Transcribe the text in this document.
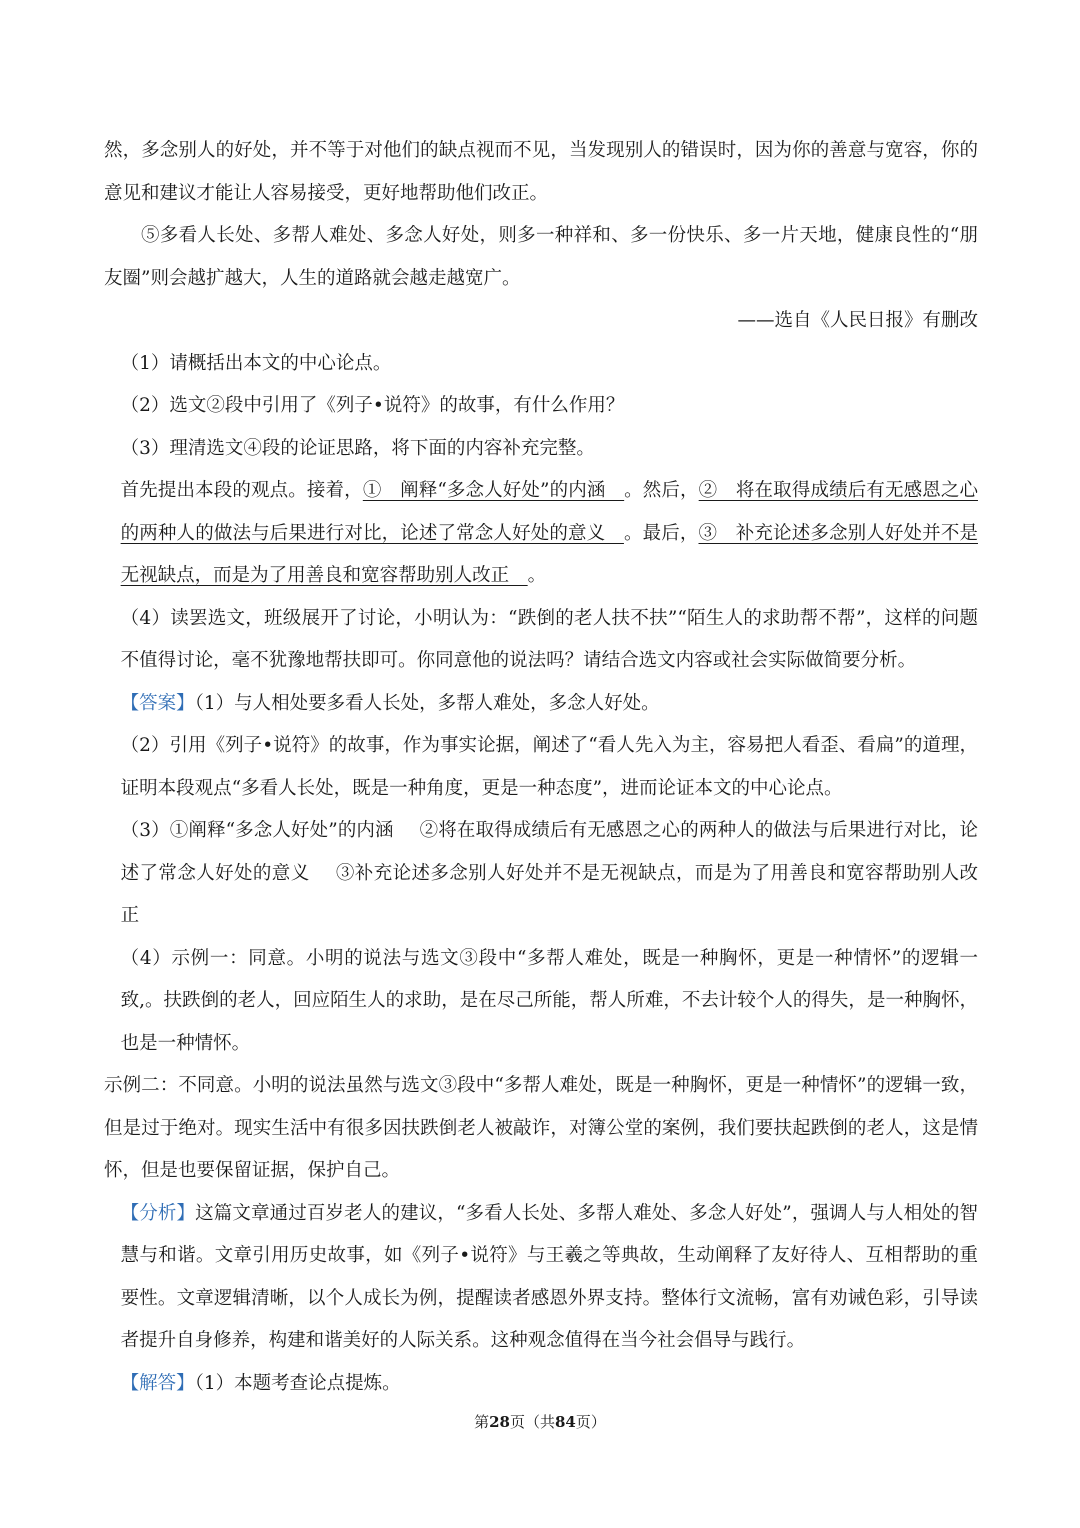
然，多念别人的好处，并不等于对他们的缺点视而不见，当发现别人的错误时，因为你的善意与宽容，你的意见和建议才能让人容易接受，更好地帮助他们改正。

⑤多看人长处、多帮人难处、多念人好处，则多一种祥和、多一份快乐、多一片天地，健康良性的“朋友圈”则会越扩越大，人生的道路就会越走越宽广。

——选自《人民日报》有删改

（1）请概括出本文的中心论点。

（2）选文②段中引用了《列子•说符》的故事，有什么作用？

（3）理清选文④段的论证思路，将下面的内容补充完整。

首先提出本段的观点。接着，①　阐释“多念人好处”的内涵　。然后，②　将在取得成绩后有无感恩之心的两种人的做法与后果进行对比，论述了常念人好处的意义　。最后，③　补充论述多念别人好处并不是无视缺点，而是为了用善良和宽容帮助别人改正　。

（4）读罢选文，班级展开了讨论，小明认为：“跌倒的老人扶不扶”“陌生人的求助帮不帮”，这样的问题不值得讨论，毫不犹豫地帮扶即可。你同意他的说法吗？请结合选文内容或社会实际做简要分析。

【答案】（1）与人相处要多看人长处，多帮人难处，多念人好处。

（2）引用《列子•说符》的故事，作为事实论据，阐述了“看人先入为主，容易把人看歪、看扁”的道理，证明本段观点“多看人长处，既是一种角度，更是一种态度”，进而论证本文的中心论点。

（3）①阐释“多念人好处”的内涵 ②将在取得成绩后有无感恩之心的两种人的做法与后果进行对比，论述了常念人好处的意义 ③补充论述多念别人好处并不是无视缺点，而是为了用善良和宽容帮助别人改正

（4）示例一：同意。小明的说法与选文③段中“多帮人难处，既是一种胸怀，更是一种情怀”的逻辑一致,。扶跌倒的老人，回应陌生人的求助，是在尽己所能，帮人所难，不去计较个人的得失，是一种胸怀，也是一种情怀。

示例二：不同意。小明的说法虽然与选文③段中“多帮人难处，既是一种胸怀，更是一种情怀”的逻辑一致，但是过于绝对。现实生活中有很多因扶跌倒老人被敲诈，对簿公堂的案例，我们要扶起跌倒的老人，这是情怀，但是也要保留证据，保护自己。

【分析】这篇文章通过百岁老人的建议，“多看人长处、多帮人难处、多念人好处”，强调人与人相处的智慧与和谐。文章引用历史故事，如《列子•说符》与王羲之等典故，生动阐释了友好待人、互相帮助的重要性。文章逻辑清晰，以个人成长为例，提醒读者感恩外界支持。整体行文流畅，富有劝诫色彩，引导读者提升自身修养，构建和谐美好的人际关系。这种观念值得在当今社会倡导与践行。

【解答】（1）本题考查论点提炼。

第28页（共84页）
